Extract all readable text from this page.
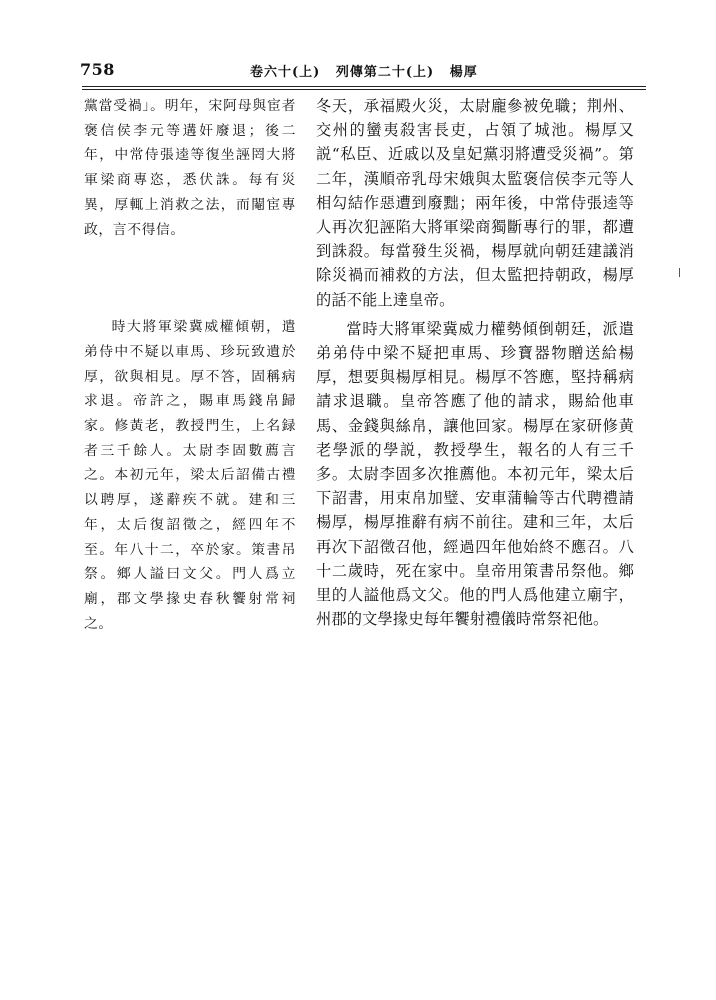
758	卷六十(上) 列傳第二十(上) 楊厚

黨當受禍」。明年，宋阿母與宦者褒信侯李元等遘奸廢退；後二年，中常侍張逵等復坐誣罔大將軍梁商專恣，悉伏誅。每有災異，厚輒上消救之法，而閹宦專政，言不得信。

時大將軍梁冀威權傾朝，遣弟侍中不疑以車馬、珍玩致遺於厚，欲與相見。厚不答，固稱病求退。帝許之，賜車馬錢帛歸家。修黃老，教授門生，上名録者三千餘人。太尉李固數薦言之。本初元年，梁太后詔備古禮以聘厚，遂辭疾不就。建和三年，太后復詔徵之，經四年不至。年八十二，卒於家。策書吊祭。鄉人謚曰文父。門人爲立廟，郡文學掾史春秋饗射常祠之。

冬天，承福殿火災，太尉龐參被免職；荆州、交州的蠻夷殺害長吏，占領了城池。楊厚又説“私臣、近戚以及皇妃黨羽將遭受災禍”。第二年，漢順帝乳母宋娥與太監褒信侯李元等人相勾結作惡遭到廢黜；兩年後，中常侍張逵等人再次犯誣陷大將軍梁商獨斷專行的罪，都遭到誅殺。每當發生災禍，楊厚就向朝廷建議消除災禍而補救的方法，但太監把持朝政，楊厚的話不能上達皇帝。

當時大將軍梁冀威力權勢傾倒朝廷，派遣弟弟侍中梁不疑把車馬、珍寶器物贈送給楊厚，想要與楊厚相見。楊厚不答應，堅持稱病請求退職。皇帝答應了他的請求，賜給他車馬、金錢與絲帛，讓他回家。楊厚在家研修黄老學派的學説，教授學生，報名的人有三千多。太尉李固多次推薦他。本初元年，梁太后下詔書，用束帛加璧、安車蒲輪等古代聘禮請楊厚，楊厚推辭有病不前往。建和三年，太后再次下詔徵召他，經過四年他始終不應召。八十二歲時，死在家中。皇帝用策書吊祭他。鄉里的人謚他爲文父。他的門人爲他建立廟宇，州郡的文學掾史每年饗射禮儀時常祭祀他。
